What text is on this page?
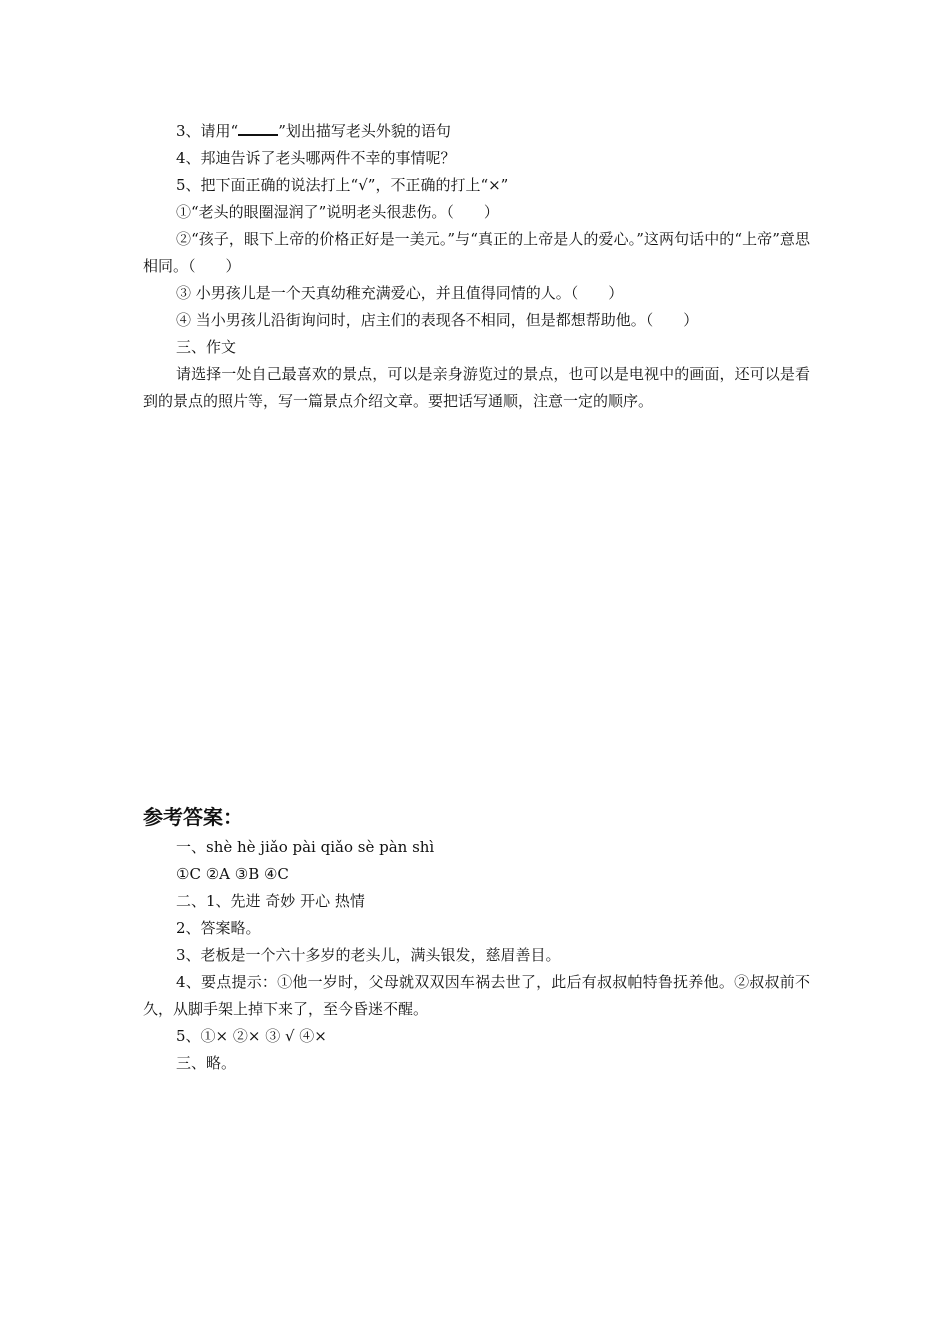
3、请用“	”划出描写老头外貌的语句

4、邦迪告诉了老头哪两件不幸的事情呢？

5、把下面正确的说法打上“√”，不正确的打上“×”

①“老头的眼圈湿润了”说明老头很悲伤。（　　）

②“孩子，眼下上帝的价格正好是一美元。”与“真正的上帝是人的爱心。”这两句话中的“上帝”意思相同。（　　）

③ 小男孩儿是一个天真幼稚充满爱心，并且值得同情的人。（　　）

④ 当小男孩儿沿街询问时，店主们的表现各不相同，但是都想帮助他。（　　）

三、作文

请选择一处自己最喜欢的景点，可以是亲身游览过的景点，也可以是电视中的画面，还可以是看到的景点的照片等，写一篇景点介绍文章。要把话写通顺，注意一定的顺序。

参考答案：

一、shè hè jiǎo pài qiǎo sè pàn shì

①C ②A ③B ④C

二、1、先进 奇妙 开心 热情

2、答案略。

3、老板是一个六十多岁的老头儿，满头银发，慈眉善目。

4、要点提示：①他一岁时，父母就双双因车祸去世了，此后有叔叔帕特鲁抚养他。②叔叔前不久，从脚手架上掉下来了，至今昏迷不醒。

5、①× ②× ③ √ ④×

三、略。
